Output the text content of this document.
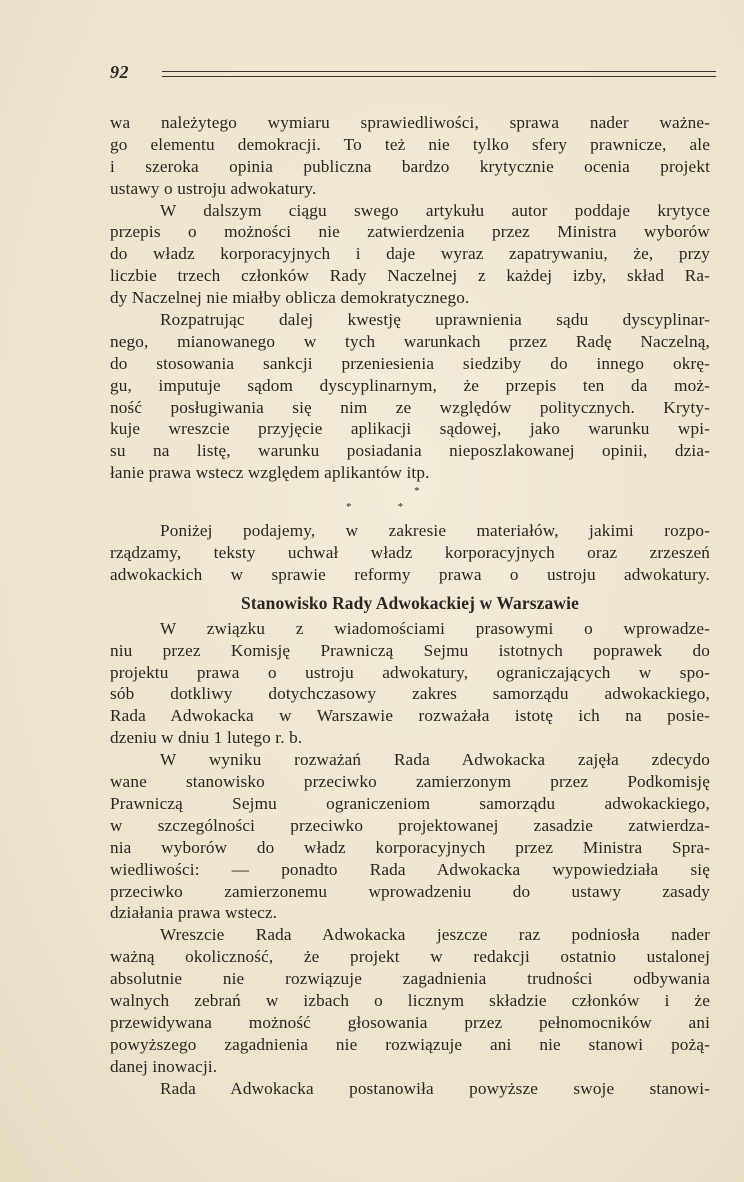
92
wa należytego wymiaru sprawiedliwości, sprawa nader ważne-
go elementu demokracji. To też nie tylko sfery prawnicze, ale
i szeroka opinia publiczna bardzo krytycznie ocenia projekt
ustawy o ustroju adwokatury.
W dalszym ciągu swego artykułu autor poddaje krytyce
przepis o możności nie zatwierdzenia przez Ministra wyborów
do władz korporacyjnych i daje wyraz zapatrywaniu, że, przy
liczbie trzech członków Rady Naczelnej z każdej izby, skład Ra-
dy Naczelnej nie miałby oblicza demokratycznego.
Rozpatrując dalej kwestję uprawnienia sądu dyscyplinar-
nego, mianowanego w tych warunkach przez Radę Naczelną,
do stosowania sankcji przeniesienia siedziby do innego okrę-
gu, imputuje sądom dyscyplinarnym, że przepis ten da moż-
ność posługiwania się nim ze względów politycznych. Kryty-
kuje wreszcie przyjęcie aplikacji sądowej, jako warunku wpi-
su na listę, warunku posiadania nieposzlakowanej opinii, dzia-
łanie prawa wstecz względem aplikantów itp.
*
*	*
Poniżej podajemy, w zakresie materiałów, jakimi rozpo-
rządzamy, teksty uchwał władz korporacyjnych oraz zrzeszeń
adwokackich w sprawie reformy prawa o ustroju adwokatury.
Stanowisko Rady Adwokackiej w Warszawie
W związku z wiadomościami prasowymi o wprowadze-
niu przez Komisję Prawniczą Sejmu istotnych poprawek do
projektu prawa o ustroju adwokatury, ograniczających w spo-
sób dotkliwy dotychczasowy zakres samorządu adwokackiego,
Rada Adwokacka w Warszawie rozważała istotę ich na posie-
dzeniu w dniu 1 lutego r. b.
W wyniku rozważań Rada Adwokacka zajęła zdecydo
wane stanowisko przeciwko zamierzonym przez Podkomisję
Prawniczą Sejmu ograniczeniom samorządu adwokackiego,
w szczególności przeciwko projektowanej zasadzie zatwierdza-
nia wyborów do władz korporacyjnych przez Ministra Spra-
wiedliwości: — ponadto Rada Adwokacka wypowiedziała się
przeciwko zamierzonemu wprowadzeniu do ustawy zasady
działania prawa wstecz.
Wreszcie Rada Adwokacka jeszcze raz podniosła nader
ważną okoliczność, że projekt w redakcji ostatnio ustalonej
absolutnie nie rozwiązuje zagadnienia trudności odbywania
walnych zebrań w izbach o licznym składzie członków i że
przewidywana możność głosowania przez pełnomocników ani
powyższego zagadnienia nie rozwiązuje ani nie stanowi pożą-
danej inowacji.
Rada Adwokacka postanowiła powyższe swoje stanowi-
